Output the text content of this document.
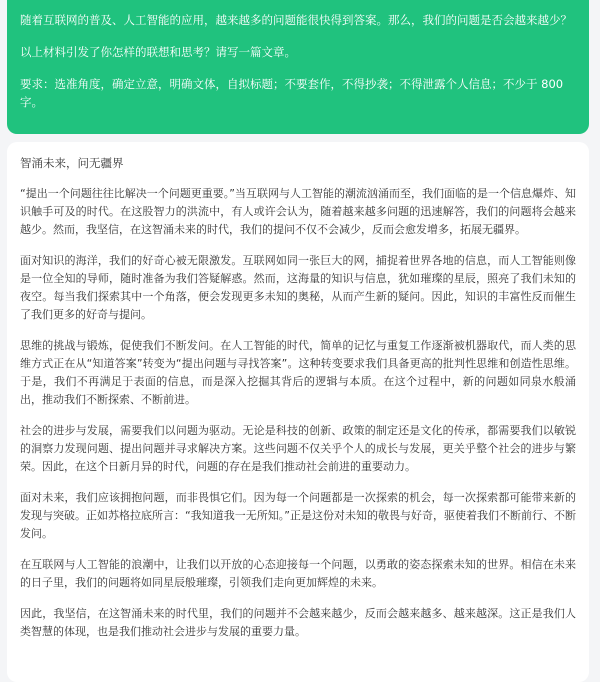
随着互联网的普及、人工智能的应用，越来越多的问题能很快得到答案。那么，我们的问题是否会越来越少？

以上材料引发了你怎样的联想和思考？请写一篇文章。

要求：选准角度，确定立意，明确文体，自拟标题；不要套作，不得抄袭；不得泄露个人信息；不少于 800 字。

智涌未来，问无疆界

“提出一个问题往往比解决一个问题更重要。”当互联网与人工智能的潮流汹涌而至，我们面临的是一个信息爆炸、知识触手可及的时代。在这股智力的洪流中，有人或许会认为，随着越来越多问题的迅速解答，我们的问题将会越来越少。然而，我坚信，在这智涌未来的时代，我们的提问不仅不会减少，反而会愈发增多，拓展无疆界。

面对知识的海洋，我们的好奇心被无限激发。互联网如同一张巨大的网，捕捉着世界各地的信息，而人工智能则像是一位全知的导师，随时准备为我们答疑解惑。然而，这海量的知识与信息，犹如璀璨的星辰，照亮了我们未知的夜空。每当我们探索其中一个角落，便会发现更多未知的奥秘，从而产生新的疑问。因此，知识的丰富性反而催生了我们更多的好奇与提问。

思维的挑战与锻炼，促使我们不断发问。在人工智能的时代，简单的记忆与重复工作逐渐被机器取代，而人类的思维方式正在从“知道答案”转变为“提出问题与寻找答案”。这种转变要求我们具备更高的批判性思维和创造性思维。于是，我们不再满足于表面的信息，而是深入挖掘其背后的逻辑与本质。在这个过程中，新的问题如同泉水般涌出，推动我们不断探索、不断前进。

社会的进步与发展，需要我们以问题为驱动。无论是科技的创新、政策的制定还是文化的传承，都需要我们以敏锐的洞察力发现问题、提出问题并寻求解决方案。这些问题不仅关乎个人的成长与发展，更关乎整个社会的进步与繁荣。因此，在这个日新月异的时代，问题的存在是我们推动社会前进的重要动力。

面对未来，我们应该拥抱问题，而非畏惧它们。因为每一个问题都是一次探索的机会，每一次探索都可能带来新的发现与突破。正如苏格拉底所言：“我知道我一无所知。”正是这份对未知的敬畏与好奇，驱使着我们不断前行、不断发问。

在互联网与人工智能的浪潮中，让我们以开放的心态迎接每一个问题，以勇敢的姿态探索未知的世界。相信在未来的日子里，我们的问题将如同星辰般璀璨，引领我们走向更加辉煌的未来。

因此，我坚信，在这智涌未来的时代里，我们的问题并不会越来越少，反而会越来越多、越来越深。这正是我们人类智慧的体现，也是我们推动社会进步与发展的重要力量。
